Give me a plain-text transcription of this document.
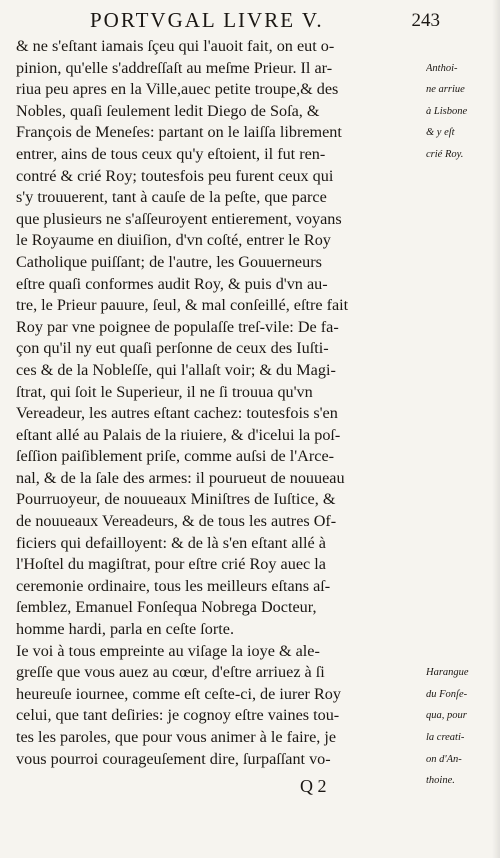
PORTVGAL LIVRE V.	243
& ne s'eſtant iamais ſçeu qui l'auoit fait, on eut o-
pinion, qu'elle s'addreſſaſt au meſme Prieur. Il ar-
riua peu apres en la Ville,auec petite troupe,& des
Nobles, quaſi ſeulement ledit Diego de Soſa, &
François de Meneſes: partant on le laiſſa librement
entrer, ains de tous ceux qu'y eſtoient, il fut ren-
contré & crié Roy; toutesfois peu furent ceux qui
s'y trouuerent, tant à cauſe de la peſte, que parce
que plusieurs ne s'aſſeuroyent entierement, voyans
le Royaume en diuiſion, d'vn coſté, entrer le Roy
Catholique puiſſant; de l'autre, les Gouuerneurs
eſtre quaſi conformes audit Roy, & puis d'vn au-
tre, le Prieur pauure, ſeul, & mal conſeillé, eſtre fait
Roy par vne poignee de populaſſe treſ-vile: De fa-
çon qu'il ny eut quaſi perſonne de ceux des Iuſti-
ces & de la Nobleſſe, qui l'allaſt voir; & du Magi-
ſtrat, qui ſoit le Superieur, il ne ſi trouua qu'vn
Vereadeur, les autres eſtant cachez: toutesfois s'en
eſtant allé au Palais de la riuiere, & d'icelui la poſ-
ſeſſion paiſiblement priſe, comme auſsi de l'Arce-
nal, & de la ſale des armes: il pourueut de nouueau
Pourruoyeur, de nouueaux Miniſtres de Iuſtice, &
de nouueaux Vereadeurs, & de tous les autres Of-
ficiers qui defailloyent: & de là s'en eſtant allé à
l'Hoſtel du magiſtrat, pour eſtre crié Roy auec la
ceremonie ordinaire, tous les meilleurs eſtans aſ-
ſemblez, Emanuel Fonſequa Nobrega Docteur,
homme hardi, parla en ceſte ſorte.
Ie voi à tous empreinte au viſage la ioye & ale-
greſſe que vous auez au cœur, d'eſtre arriuez à ſi
heureuſe iournee, comme eſt ceſte-ci, de iurer Roy
celui, que tant deſiries: je cognoy eſtre vaines tou-
tes les paroles, que pour vous animer à le faire, je
vous pourroi courageuſement dire, ſurpaſſant vo-
Anthoi-
ne arriue
à Lisbone
& y eſt
crié Roy.
Harangue
du Fonſe-
qua, pour
la creati-
on d'An-
thoine.
Q 2
